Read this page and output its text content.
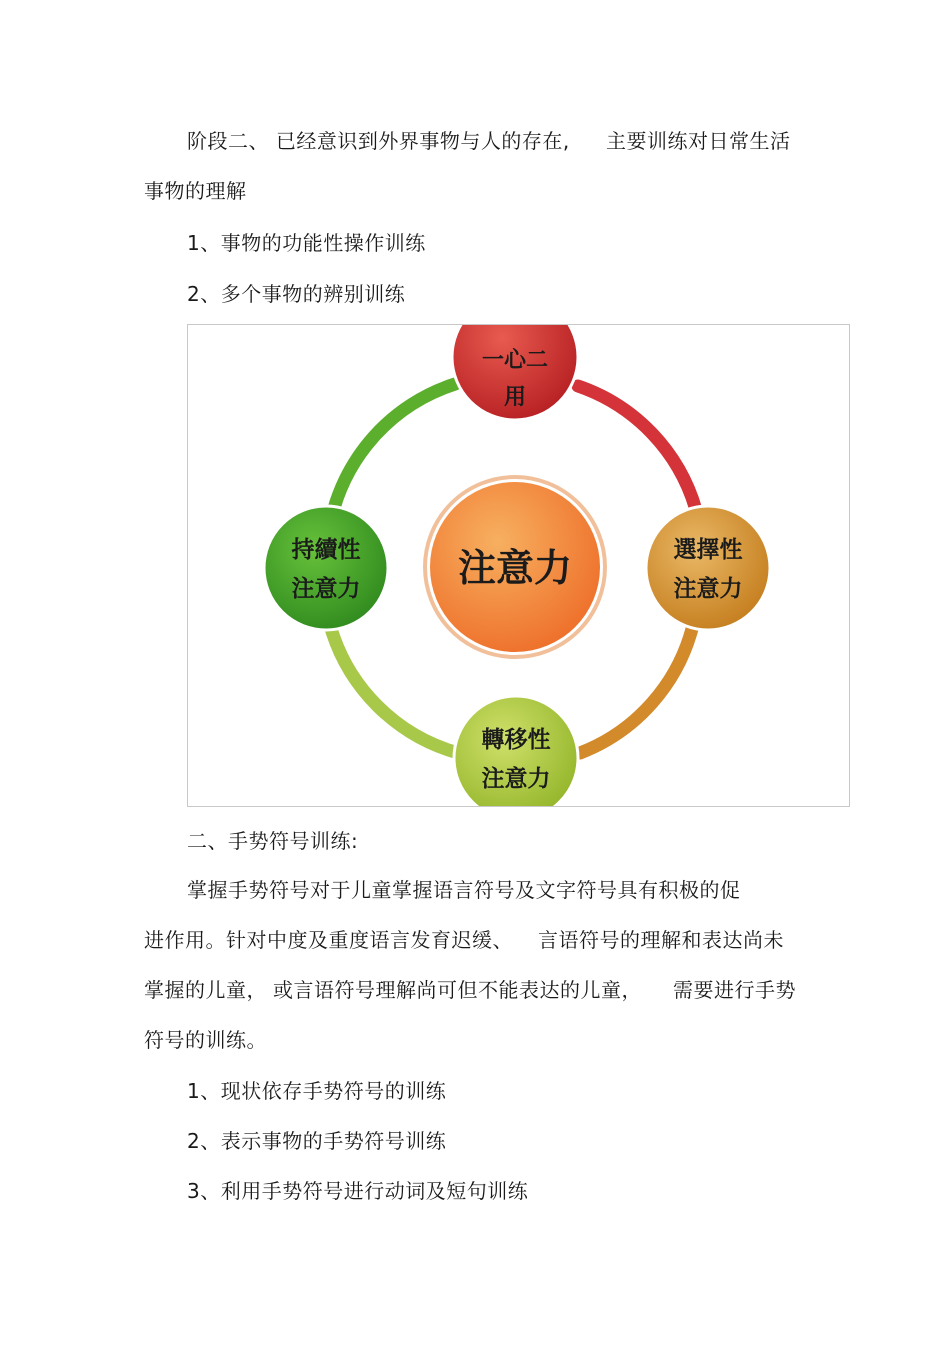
阶段二、 已经意识到外界事物与人的存在, 主要训练对日常生活
事物的理解
1、事物的功能性操作训练
2、多个事物的辨别训练
注意力
一心二
用
選擇性
注意力
持續性
注意力
轉移性
注意力
二、手势符号训练:
掌握手势符号对于儿童掌握语言符号及文字符号具有积极的促
进作用。针对中度及重度语言发育迟缓、 言语符号的理解和表达尚未
掌握的儿童， 或言语符号理解尚可但不能表达的儿童， 需要进行手势
符号的训练。
1、现状依存手势符号的训练
2、表示事物的手势符号训练
3、利用手势符号进行动词及短句训练
